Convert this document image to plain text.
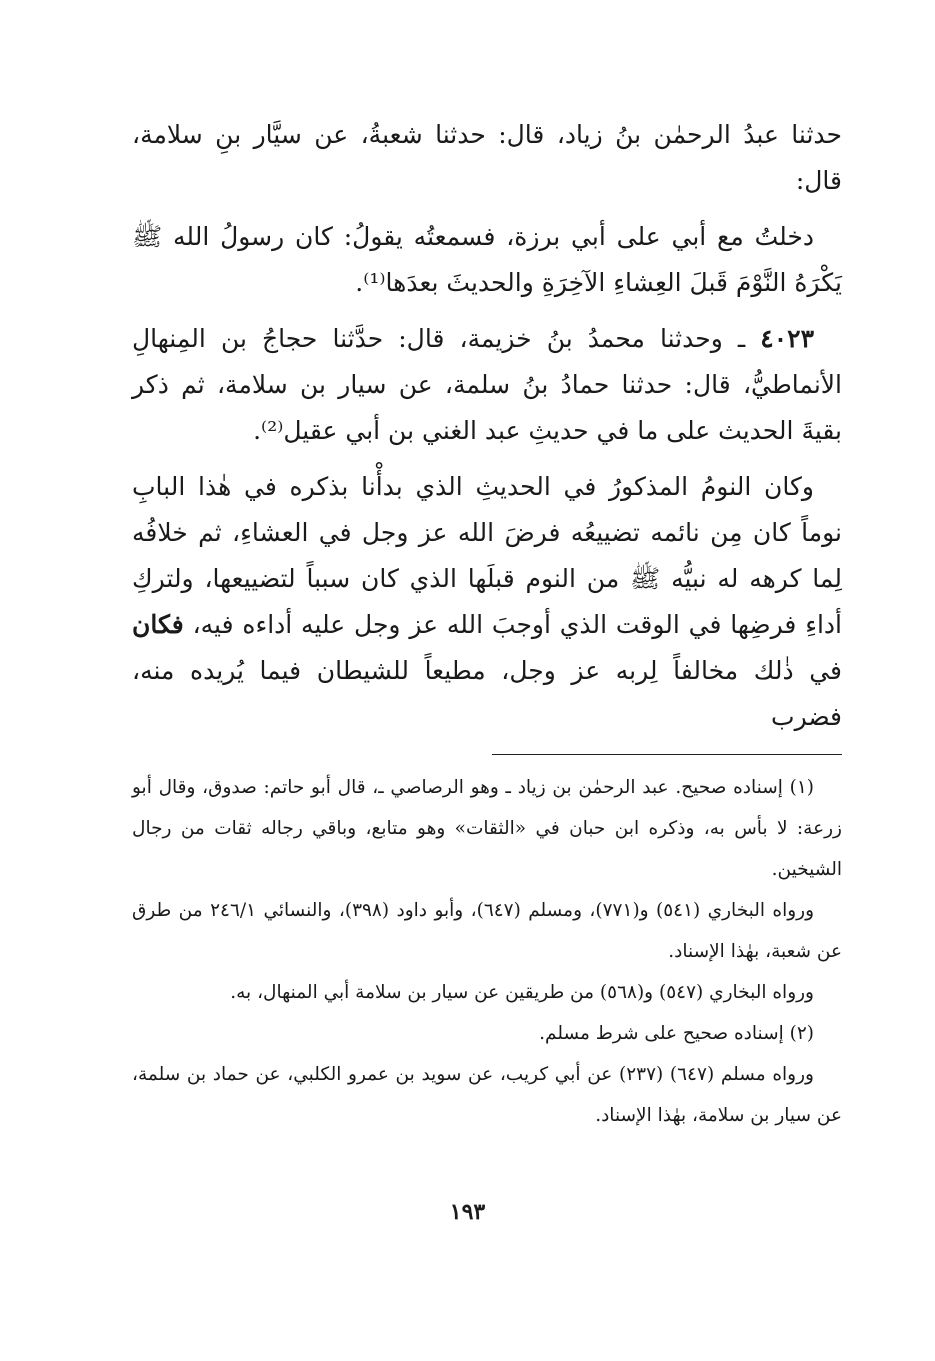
حدثنا عبدُ الرحمٰن بنُ زياد، قال: حدثنا شعبةُ، عن سيَّار بنِ سلامة، قال:

دخلتُ مع أبي على أبي برزة، فسمعتُه يقولُ: كان رسولُ الله ﷺ يَكْرَهُ النَّوْمَ قَبلَ العِشاءِ الآخِرَةِ والحديثَ بعدَها⁽¹⁾.

٤٠٢٣ ـ وحدثنا محمدُ بنُ خزيمة، قال: حدَّثنا حجاجُ بن المِنهالِ الأنماطيُّ، قال: حدثنا حمادُ بنُ سلمة، عن سيار بن سلامة، ثم ذكر بقيةَ الحديث على ما في حديثِ عبد الغني بن أبي عقيل⁽²⁾.

وكان النومُ المذكورُ في الحديثِ الذي بدأْنا بذكره في هٰذا البابِ نوماً كان مِن نائمه تضييعُه فرضَ الله عز وجل في العشاءِ، ثم خلافُه لِما كرهه له نبيُّه ﷺ من النوم قبلَها الذي كان سبباً لتضييعها، ولتركِ أداءِ فرضِها في الوقت الذي أوجبَ الله عز وجل عليه أداءه فيه، فكان في ذٰلك مخالفاً لِربه عز وجل، مطيعاً للشيطان فيما يُريده منه، فضرب

(١) إسناده صحيح. عبد الرحمٰن بن زياد ـ وهو الرصاصي ـ، قال أبو حاتم: صدوق، وقال أبو زرعة: لا بأس به، وذكره ابن حبان في «الثقات» وهو متابع، وباقي رجاله ثقات من رجال الشيخين.

ورواه البخاري (٥٤١) و(٧٧١)، ومسلم (٦٤٧)، وأبو داود (٣٩٨)، والنسائي ٢٤٦/١ من طرق عن شعبة، بهٰذا الإسناد.

ورواه البخاري (٥٤٧) و(٥٦٨) من طريقين عن سيار بن سلامة أبي المنهال، به.

(٢) إسناده صحيح على شرط مسلم.

ورواه مسلم (٦٤٧) (٢٣٧) عن أبي كريب، عن سويد بن عمرو الكلبي، عن حماد بن سلمة، عن سيار بن سلامة، بهٰذا الإسناد.

١٩٣
